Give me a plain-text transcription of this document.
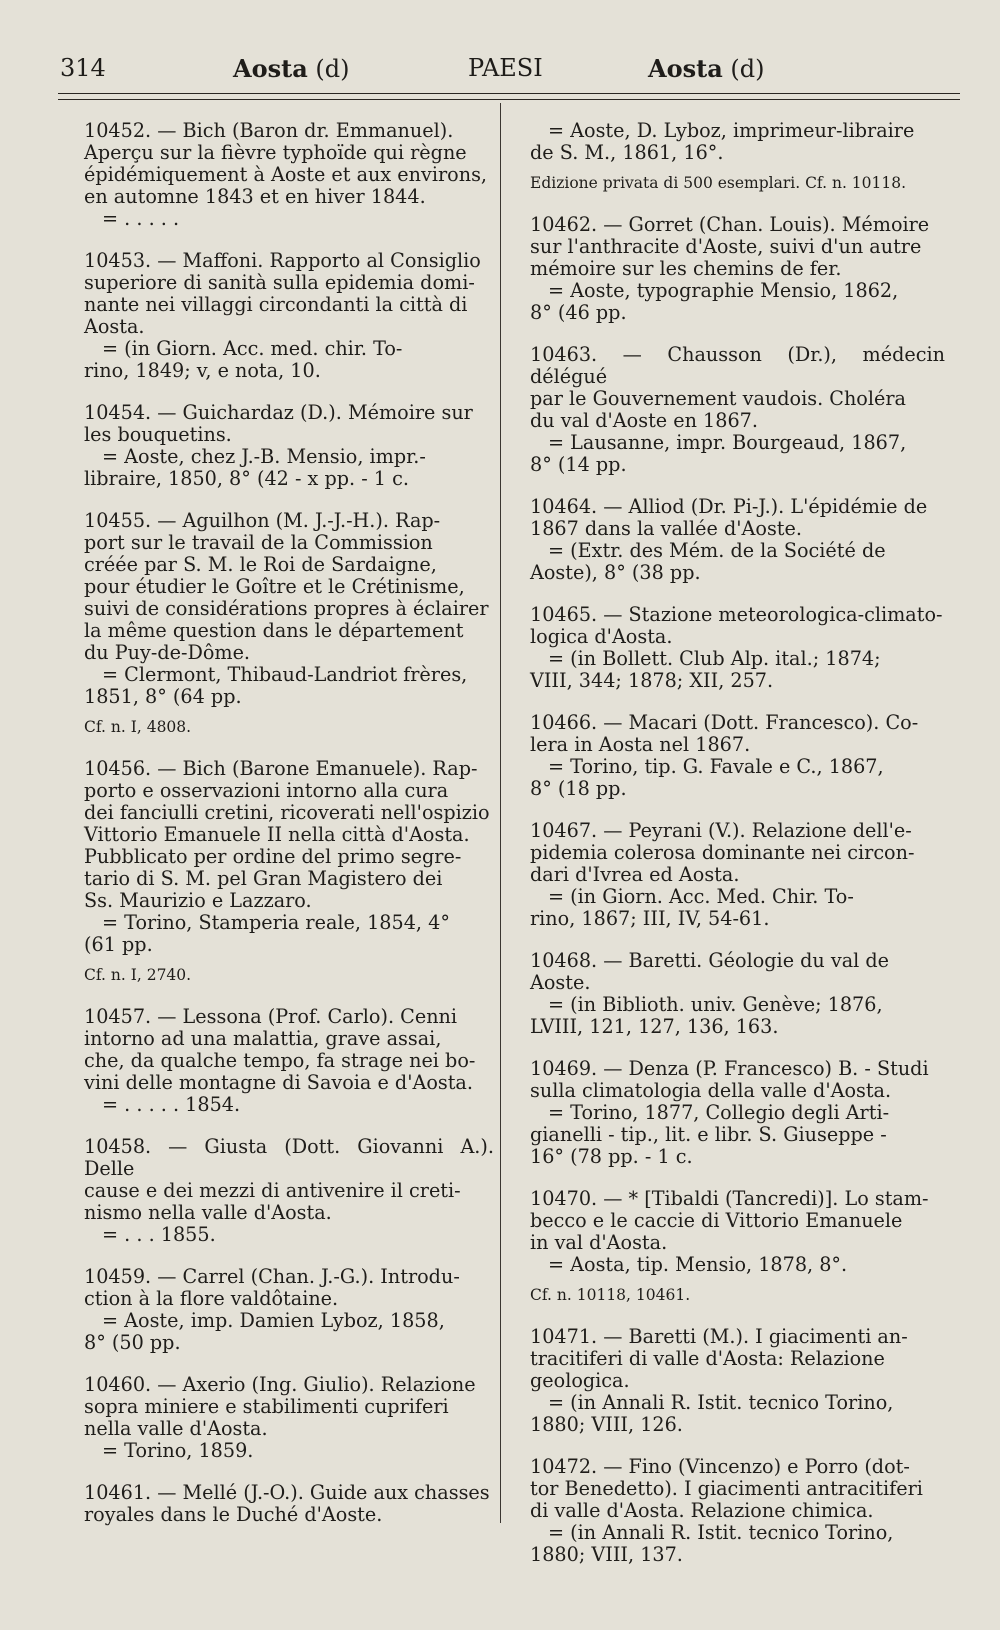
314	Aosta (d)	PAESI	Aosta (d)
10452. — Bich (Baron dr. Emmanuel).
Aperçu sur la fièvre typhoïde qui règne
épidémiquement à Aoste et aux environs,
en automne 1843 et en hiver 1844.
= . . . . .
10453. — Maffoni. Rapporto al Consiglio
superiore di sanità sulla epidemia domi-
nante nei villaggi circondanti la città di
Aosta.
= (in Giorn. Acc. med. chir. To-
rino, 1849; v, e nota, 10.
10454. — Guichardaz (D.). Mémoire sur
les bouquetins.
= Aoste, chez J.-B. Mensio, impr.-
libraire, 1850, 8° (42 - x pp. - 1 c.
10455. — Aguilhon (M. J.-J.-H.). Rap-
port sur le travail de la Commission
créée par S. M. le Roi de Sardaigne,
pour étudier le Goître et le Crétinisme,
suivi de considérations propres à éclairer
la même question dans le département
du Puy-de-Dôme.
= Clermont, Thibaud-Landriot frères,
1851, 8° (64 pp.
Cf. n. I, 4808.
10456. — Bich (Barone Emanuele). Rap-
porto e osservazioni intorno alla cura
dei fanciulli cretini, ricoverati nell'ospizio
Vittorio Emanuele II nella città d'Aosta.
Pubblicato per ordine del primo segre-
tario di S. M. pel Gran Magistero dei
Ss. Maurizio e Lazzaro.
= Torino, Stamperia reale, 1854, 4°
(61 pp.
Cf. n. I, 2740.
10457. — Lessona (Prof. Carlo). Cenni
intorno ad una malattia, grave assai,
che, da qualche tempo, fa strage nei bo-
vini delle montagne di Savoia e d'Aosta.
= . . . . . 1854.
10458. — Giusta (Dott. Giovanni A.). Delle
cause e dei mezzi di antivenire il creti-
nismo nella valle d'Aosta.
= . . . 1855.
10459. — Carrel (Chan. J.-G.). Introdu-
ction à la flore valdôtaine.
= Aoste, imp. Damien Lyboz, 1858,
8° (50 pp.
10460. — Axerio (Ing. Giulio). Relazione
sopra miniere e stabilimenti cupriferi
nella valle d'Aosta.
= Torino, 1859.
10461. — Mellé (J.-O.). Guide aux chasses
royales dans le Duché d'Aoste.
= Aoste, D. Lyboz, imprimeur-libraire
de S. M., 1861, 16°.
Edizione privata di 500 esemplari. Cf. n. 10118.
10462. — Gorret (Chan. Louis). Mémoire
sur l'anthracite d'Aoste, suivi d'un autre
mémoire sur les chemins de fer.
= Aoste, typographie Mensio, 1862,
8° (46 pp.
10463. — Chausson (Dr.), médecin délégué
par le Gouvernement vaudois. Choléra
du val d'Aoste en 1867.
= Lausanne, impr. Bourgeaud, 1867,
8° (14 pp.
10464. — Alliod (Dr. Pi-J.). L'épidémie de
1867 dans la vallée d'Aoste.
= (Extr. des Mém. de la Société de
Aoste), 8° (38 pp.
10465. — Stazione meteorologica-climato-
logica d'Aosta.
= (in Bollett. Club Alp. ital.; 1874;
VIII, 344; 1878; XII, 257.
10466. — Macari (Dott. Francesco). Co-
lera in Aosta nel 1867.
= Torino, tip. G. Favale e C., 1867,
8° (18 pp.
10467. — Peyrani (V.). Relazione dell'e-
pidemia colerosa dominante nei circon-
dari d'Ivrea ed Aosta.
= (in Giorn. Acc. Med. Chir. To-
rino, 1867; III, IV, 54-61.
10468. — Baretti. Géologie du val de
Aoste.
= (in Biblioth. univ. Genève; 1876,
LVIII, 121, 127, 136, 163.
10469. — Denza (P. Francesco) B. - Studi
sulla climatologia della valle d'Aosta.
= Torino, 1877, Collegio degli Arti-
gianelli - tip., lit. e libr. S. Giuseppe -
16° (78 pp. - 1 c.
10470. — * [Tibaldi (Tancredi)]. Lo stam-
becco e le caccie di Vittorio Emanuele
in val d'Aosta.
= Aosta, tip. Mensio, 1878, 8°.
Cf. n. 10118, 10461.
10471. — Baretti (M.). I giacimenti an-
tracitiferi di valle d'Aosta: Relazione
geologica.
= (in Annali R. Istit. tecnico Torino,
1880; VIII, 126.
10472. — Fino (Vincenzo) e Porro (dot-
tor Benedetto). I giacimenti antracitiferi
di valle d'Aosta. Relazione chimica.
= (in Annali R. Istit. tecnico Torino,
1880; VIII, 137.
